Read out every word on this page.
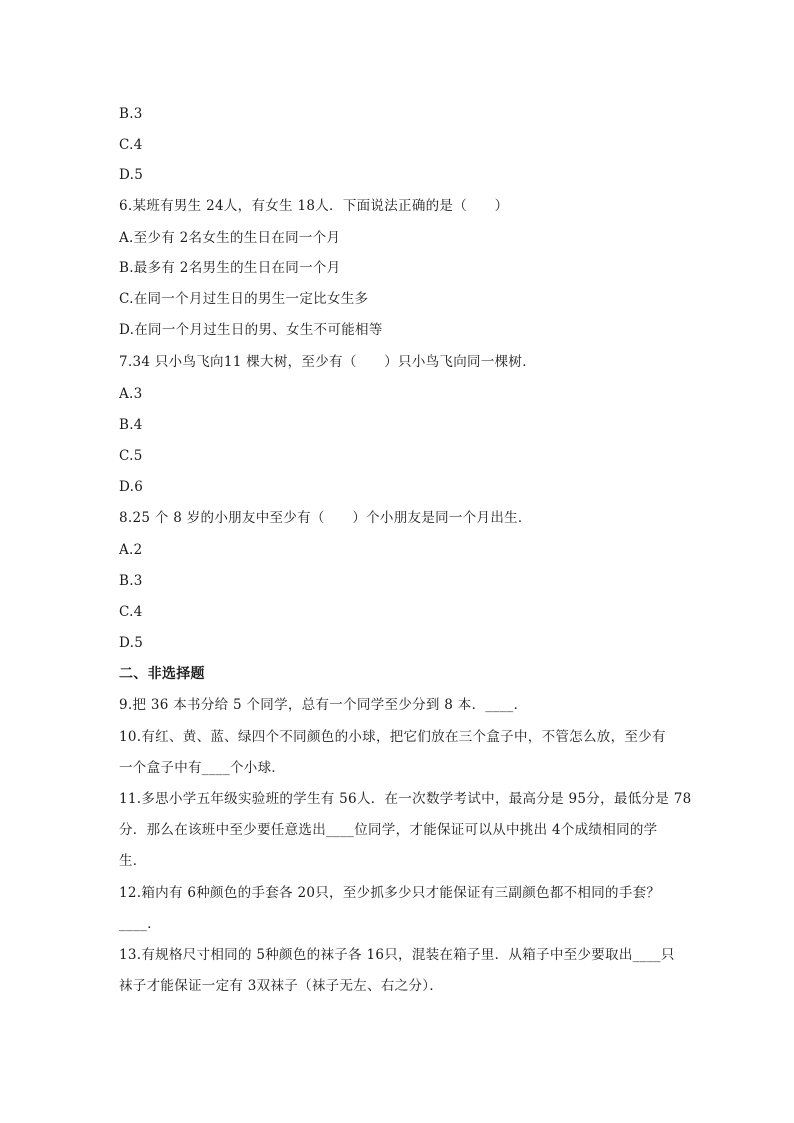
B.3
C.4
D.5
6.某班有男生 24人，有女生 18人．下面说法正确的是（　　）
A.至少有 2名女生的生日在同一个月
B.最多有 2名男生的生日在同一个月
C.在同一个月过生日的男生一定比女生多
D.在同一个月过生日的男、女生不可能相等
7.34 只小鸟飞向11 棵大树，至少有（　　）只小鸟飞向同一棵树．
A.3
B.4
C.5
D.6
8.25 个 8 岁的小朋友中至少有（　　）个小朋友是同一个月出生．
A.2
B.3
C.4
D.5
二、非选择题
9.把 36 本书分给 5 个同学，总有一个同学至少分到 8 本．____．
10.有红、黄、蓝、绿四个不同颜色的小球，把它们放在三个盒子中，不管怎么放，至少有
一个盒子中有____个小球．
11.多思小学五年级实验班的学生有 56人．在一次数学考试中，最高分是 95分，最低分是 78
分．那么在该班中至少要任意选出____位同学，才能保证可以从中挑出 4个成绩相同的学
生．
12.箱内有 6种颜色的手套各 20只，至少抓多少只才能保证有三副颜色都不相同的手套？
____．
13.有规格尺寸相同的 5种颜色的袜子各 16只，混装在箱子里．从箱子中至少要取出____只
袜子才能保证一定有 3双袜子（袜子无左、右之分）．
